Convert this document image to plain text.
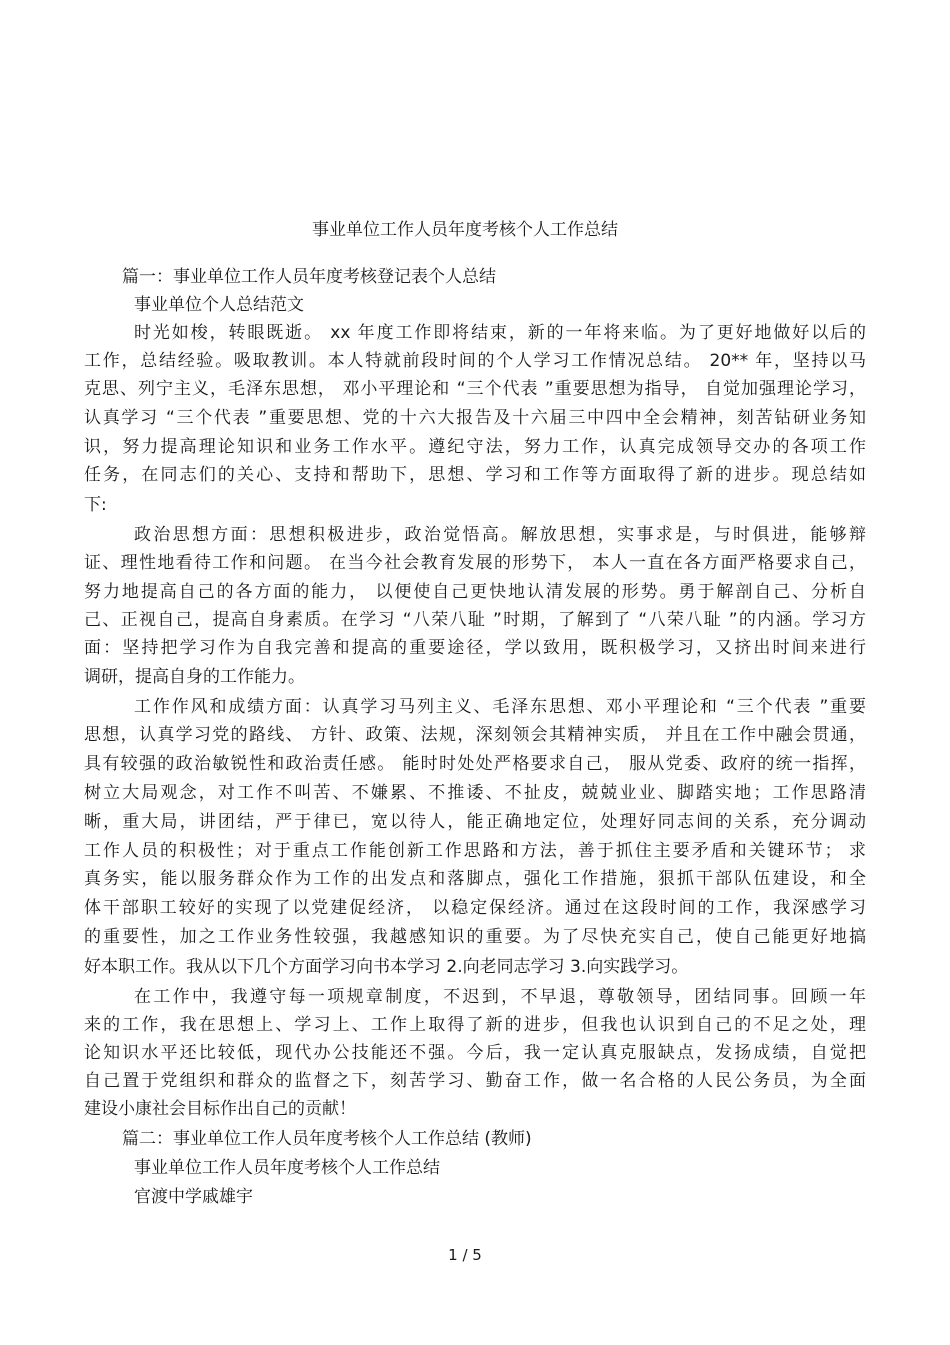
事业单位工作人员年度考核个人工作总结
篇一：事业单位工作人员年度考核登记表个人总结
事业单位个人总结范文
时光如梭，转眼既逝。 xx 年度工作即将结束，新的一年将来临。为了更好地做好以后的
工作，总结经验。吸取教训。本人特就前段时间的个人学习工作情况总结。 20** 年，坚持以马
克思、列宁主义，毛泽东思想， 邓小平理论和 “三个代表 ”重要思想为指导， 自觉加强理论学习，
认真学习 “三个代表 ”重要思想、党的十六大报告及十六届三中四中全会精神，刻苦钻研业务知
识，努力提高理论知识和业务工作水平。遵纪守法，努力工作，认真完成领导交办的各项工作
任务，在同志们的关心、支持和帮助下，思想、学习和工作等方面取得了新的进步。现总结如
下:
政治思想方面：思想积极进步，政治觉悟高。解放思想，实事求是，与时俱进，能够辩
证、理性地看待工作和问题。 在当今社会教育发展的形势下， 本人一直在各方面严格要求自己，
努力地提高自己的各方面的能力， 以便使自己更快地认清发展的形势。勇于解剖自己、分析自
己、正视自己，提高自身素质。在学习 “八荣八耻 ”时期，了解到了 “八荣八耻 ”的内涵。学习方
面：坚持把学习作为自我完善和提高的重要途径，学以致用，既积极学习，又挤出时间来进行
调研，提高自身的工作能力。
工作作风和成绩方面：认真学习马列主义、毛泽东思想、邓小平理论和 “三个代表 ”重要
思想，认真学习党的路线、 方针、政策、法规，深刻领会其精神实质， 并且在工作中融会贯通，
具有较强的政治敏锐性和政治责任感。 能时时处处严格要求自己， 服从党委、政府的统一指挥，
树立大局观念，对工作不叫苦、不嫌累、不推诿、不扯皮，兢兢业业、脚踏实地；工作思路清
晰，重大局，讲团结，严于律已，宽以待人，能正确地定位，处理好同志间的关系，充分调动
工作人员的积极性；对于重点工作能创新工作思路和方法，善于抓住主要矛盾和关键环节； 求
真务实，能以服务群众作为工作的出发点和落脚点，强化工作措施，狠抓干部队伍建设，和全
体干部职工较好的实现了以党建促经济， 以稳定保经济。通过在这段时间的工作，我深感学习
的重要性，加之工作业务性较强，我越感知识的重要。为了尽快充实自己，使自己能更好地搞
好本职工作。我从以下几个方面学习向书本学习 2.向老同志学习 3.向实践学习。
在工作中，我遵守每一项规章制度，不迟到，不早退，尊敬领导，团结同事。回顾一年
来的工作，我在思想上、学习上、工作上取得了新的进步，但我也认识到自己的不足之处，理
论知识水平还比较低，现代办公技能还不强。今后，我一定认真克服缺点，发扬成绩，自觉把
自己置于党组织和群众的监督之下，刻苦学习、勤奋工作，做一名合格的人民公务员，为全面
建设小康社会目标作出自己的贡献！
篇二：事业单位工作人员年度考核个人工作总结 (教师)
事业单位工作人员年度考核个人工作总结
官渡中学戚雄宇
1 / 5
